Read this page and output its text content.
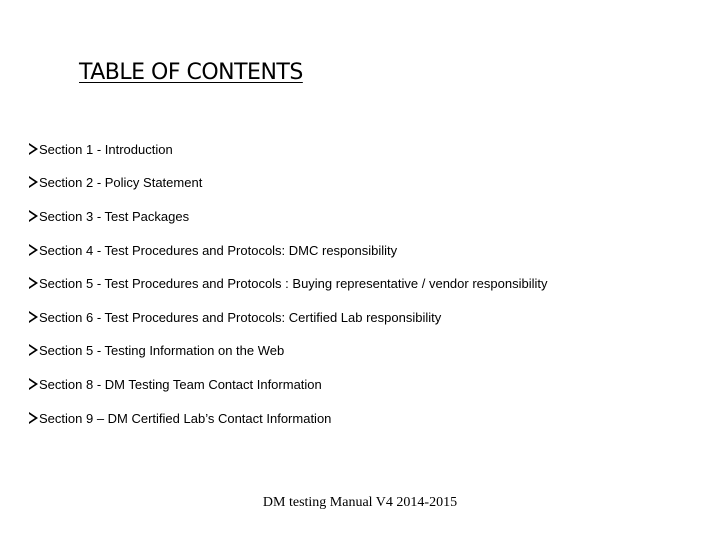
TABLE OF CONTENTS
Section 1 - Introduction
Section 2 - Policy Statement
Section 3 - Test Packages
Section 4 - Test Procedures and Protocols: DMC responsibility
Section 5 - Test Procedures and Protocols : Buying representative / vendor responsibility
Section 6 - Test Procedures and Protocols: Certified Lab responsibility
Section 5 - Testing Information on the Web
Section 8 - DM Testing Team Contact Information
Section 9 – DM Certified Lab’s Contact Information
DM testing Manual V4 2014-2015
